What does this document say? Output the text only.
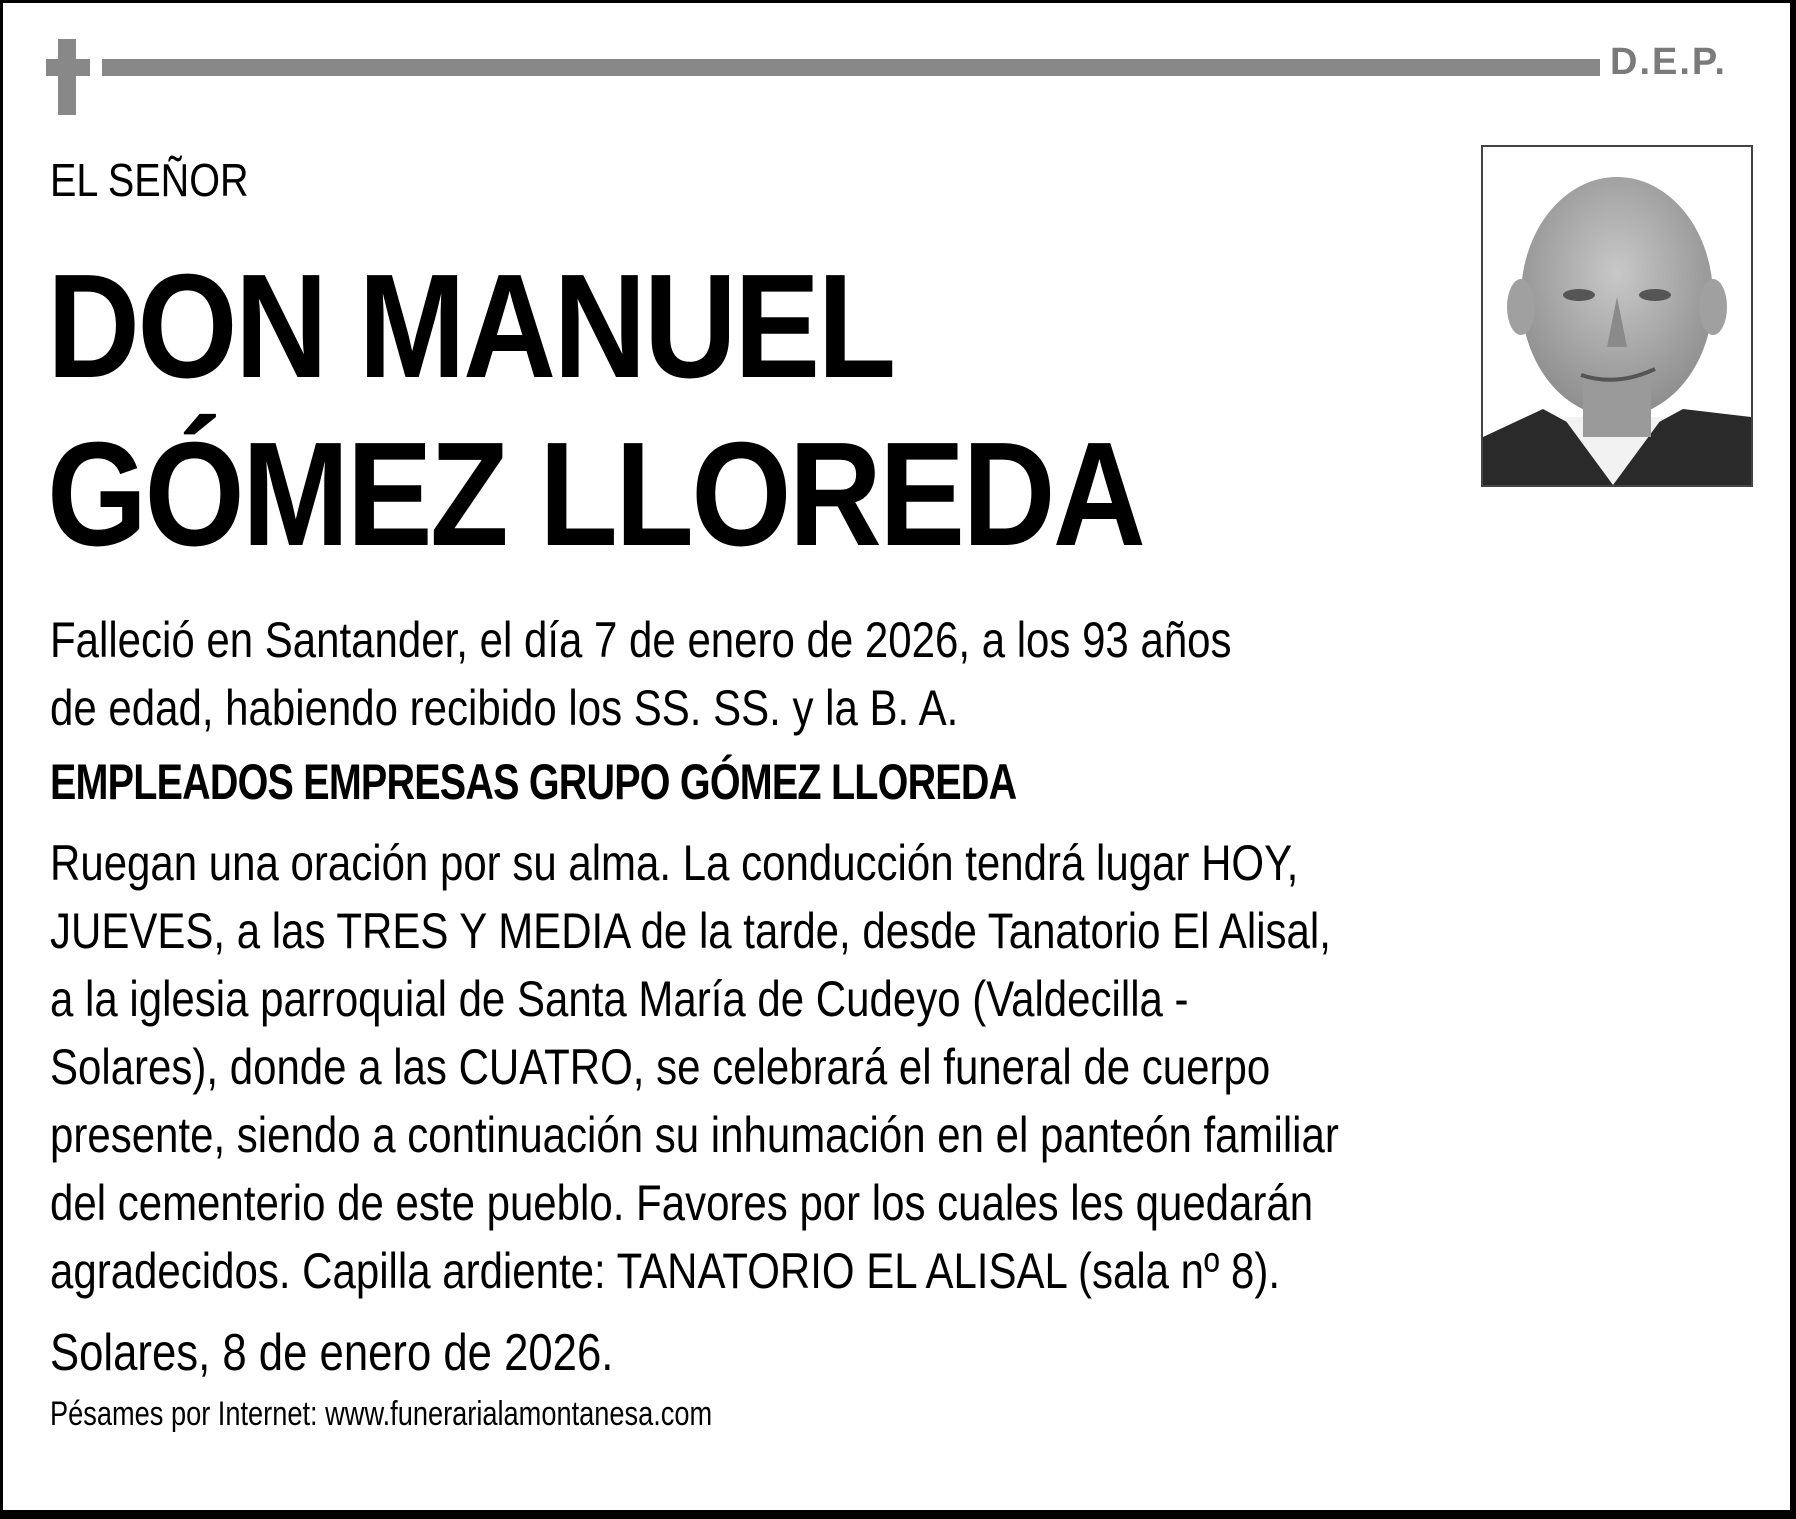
D.E.P.
EL SEÑOR
DON MANUEL
GÓMEZ LLOREDA
Falleció en Santander, el día 7 de enero de 2026, a los 93 años
de edad, habiendo recibido los SS. SS. y la B. A.
EMPLEADOS EMPRESAS GRUPO GÓMEZ LLOREDA
Ruegan una oración por su alma. La conducción tendrá lugar HOY,
JUEVES, a las TRES Y MEDIA de la tarde, desde Tanatorio El Alisal,
a la iglesia parroquial de Santa María de Cudeyo (Valdecilla -
Solares), donde a las CUATRO, se celebrará el funeral de cuerpo
presente, siendo a continuación su inhumación en el panteón familiar
del cementerio de este pueblo. Favores por los cuales les quedarán
agradecidos. Capilla ardiente: TANATORIO EL ALISAL (sala nº 8).
Solares, 8 de enero de 2026.
Pésames por Internet: www.funerarialamontanesa.com
